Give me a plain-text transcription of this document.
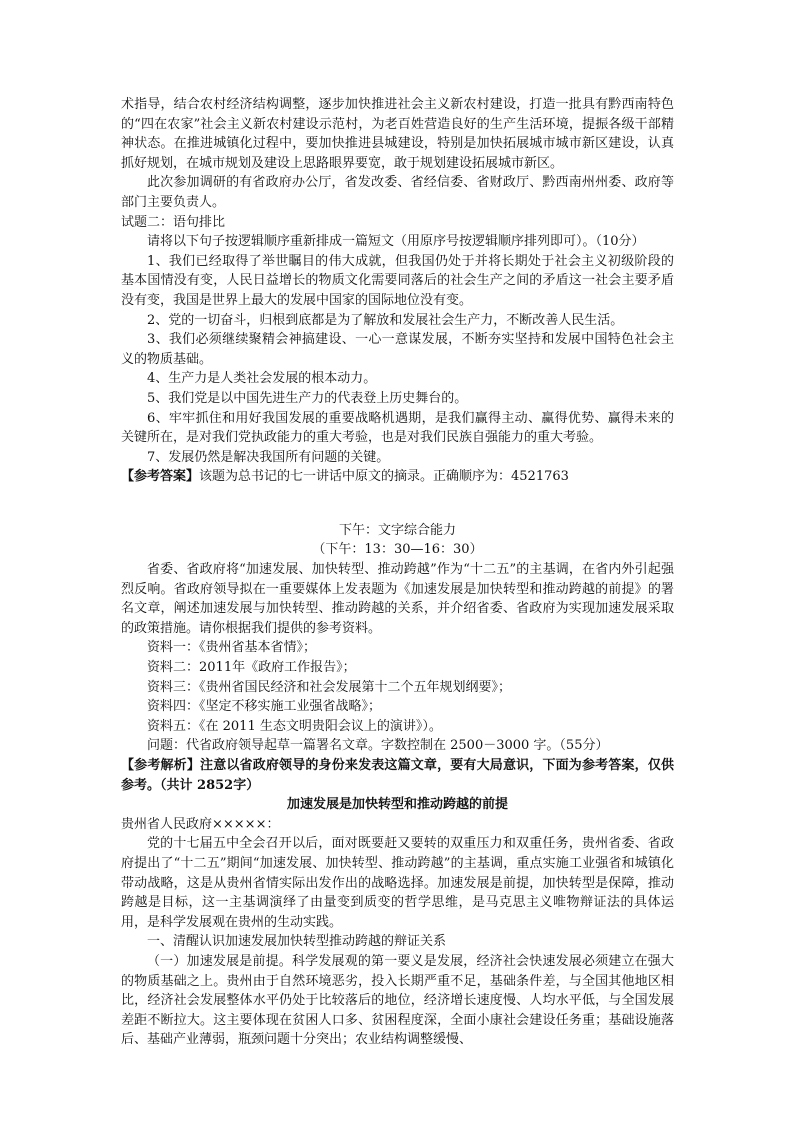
术指导，结合农村经济结构调整，逐步加快推进社会主义新农村建设，打造一批具有黔西南特色的“四在农家”社会主义新农村建设示范村，为老百姓营造良好的生产生活环境，提振各级干部精神状态。在推进城镇化过程中，要加快推进县城建设，特别是加快拓展城市城市新区建设，认真抓好规划，在城市规划及建设上思路眼界要宽，敢于规划建设拓展城市新区。

此次参加调研的有省政府办公厅，省发改委、省经信委、省财政厅、黔西南州州委、政府等部门主要负责人。

试题二：语句排比

请将以下句子按逻辑顺序重新排成一篇短文（用原序号按逻辑顺序排列即可）。（10分）

1、我们已经取得了举世瞩目的伟大成就，但我国仍处于并将长期处于社会主义初级阶段的基本国情没有变，人民日益增长的物质文化需要同落后的社会生产之间的矛盾这一社会主要矛盾没有变，我国是世界上最大的发展中国家的国际地位没有变。

2、党的一切奋斗，归根到底都是为了解放和发展社会生产力，不断改善人民生活。

3、我们必须继续聚精会神搞建设、一心一意谋发展，不断夯实坚持和发展中国特色社会主义的物质基础。

4、生产力是人类社会发展的根本动力。

5、我们党是以中国先进生产力的代表登上历史舞台的。

6、牢牢抓住和用好我国发展的重要战略机遇期，是我们赢得主动、赢得优势、赢得未来的关键所在，是对我们党执政能力的重大考验，也是对我们民族自强能力的重大考验。

7、发展仍然是解决我国所有问题的关键。

【参考答案】该题为总书记的七一讲话中原文的摘录。正确顺序为：4521763

下午：文字综合能力

（下午：13：30—16：30）

省委、省政府将“加速发展、加快转型、推动跨越”作为“十二五”的主基调，在省内外引起强烈反响。省政府领导拟在一重要媒体上发表题为《加速发展是加快转型和推动跨越的前提》的署名文章，阐述加速发展与加快转型、推动跨越的关系，并介绍省委、省政府为实现加速发展采取的政策措施。请你根据我们提供的参考资料。

资料一：《贵州省基本省情》；

资料二：2011年《政府工作报告》；

资料三：《贵州省国民经济和社会发展第十二个五年规划纲要》；

资料四：《坚定不移实施工业强省战略》；

资料五：《在 2011 生态文明贵阳会议上的演讲》）。

问题：代省政府领导起草一篇署名文章。字数控制在 2500－3000 字。（55分）

【参考解析】注意以省政府领导的身份来发表这篇文章，要有大局意识，下面为参考答案，仅供参考。（共计 2852字）

加速发展是加快转型和推动跨越的前提

贵州省人民政府×××××：

党的十七届五中全会召开以后，面对既要赶又要转的双重压力和双重任务，贵州省委、省政府提出了“十二五”期间“加速发展、加快转型、推动跨越”的主基调，重点实施工业强省和城镇化带动战略，这是从贵州省情实际出发作出的战略选择。加速发展是前提，加快转型是保障，推动跨越是目标，这一主基调演绎了由量变到质变的哲学思维，是马克思主义唯物辩证法的具体运用，是科学发展观在贵州的生动实践。

一、清醒认识加速发展加快转型推动跨越的辩证关系

（一）加速发展是前提。科学发展观的第一要义是发展，经济社会快速发展必须建立在强大的物质基础之上。贵州由于自然环境恶劣，投入长期严重不足，基础条件差，与全国其他地区相比，经济社会发展整体水平仍处于比较落后的地位，经济增长速度慢、人均水平低，与全国发展差距不断拉大。这主要体现在贫困人口多、贫困程度深，全面小康社会建设任务重；基础设施落后、基础产业薄弱，瓶颈问题十分突出；农业结构调整缓慢、
